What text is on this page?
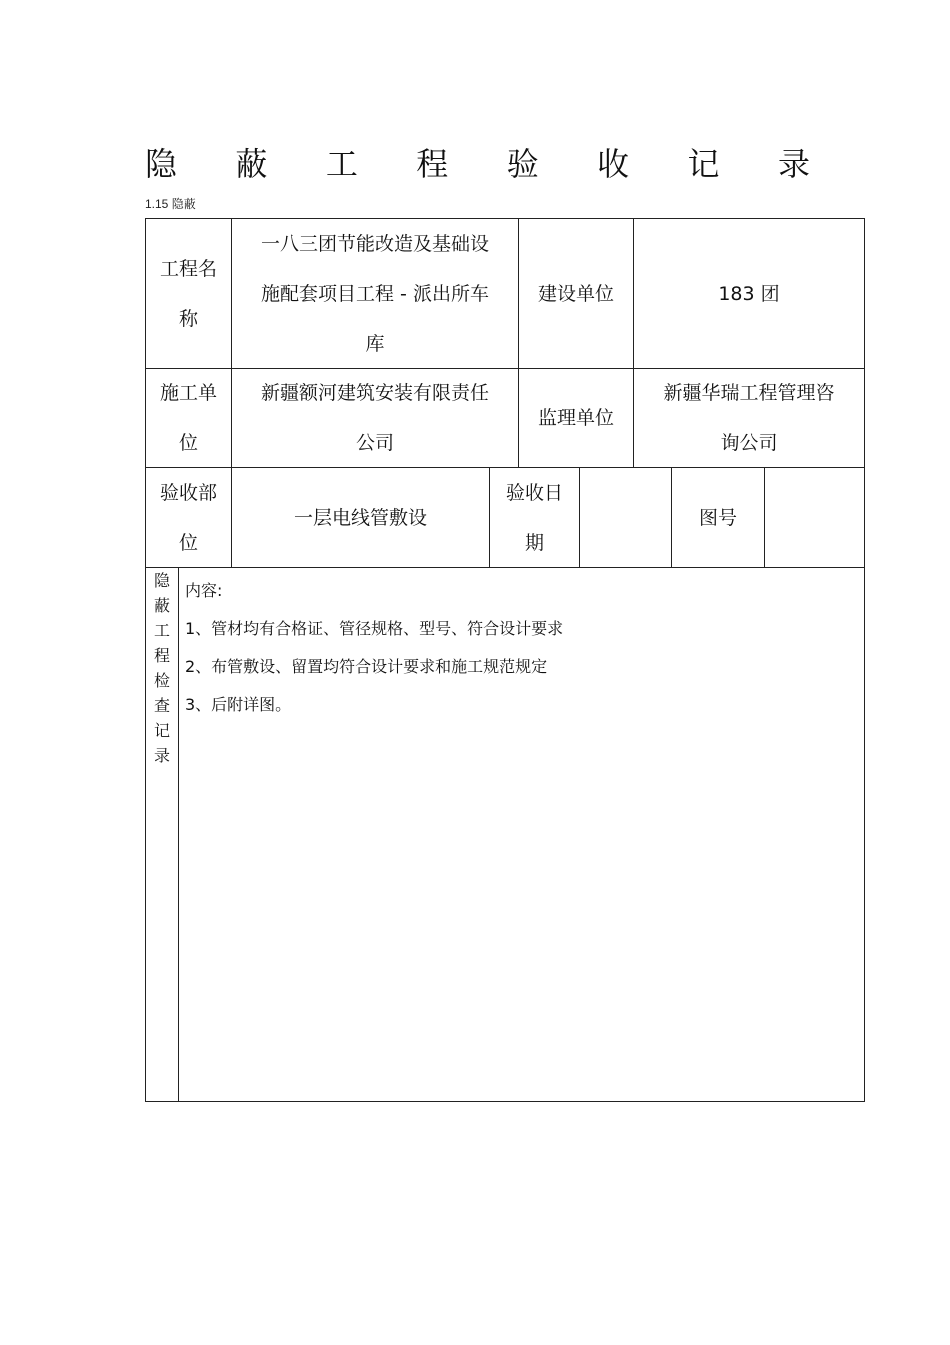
隐 蔽 工 程 验 收 记 录
1.15 隐蔽
工程名
称
一八三团节能改造及基础设
施配套项目工程 - 派出所车
库
建设单位	183 团
施工单
位
新疆额河建筑安装有限责任
公司
监理单位
新疆华瑞工程管理咨
询公司
验收部
位
一层电线管敷设
验收日
期
图号
隐
蔽
工
程
检
查
记
录
内容:
1、管材均有合格证、管径规格、型号、符合设计要求
2、布管敷设、留置均符合设计要求和施工规范规定
3、后附详图。
